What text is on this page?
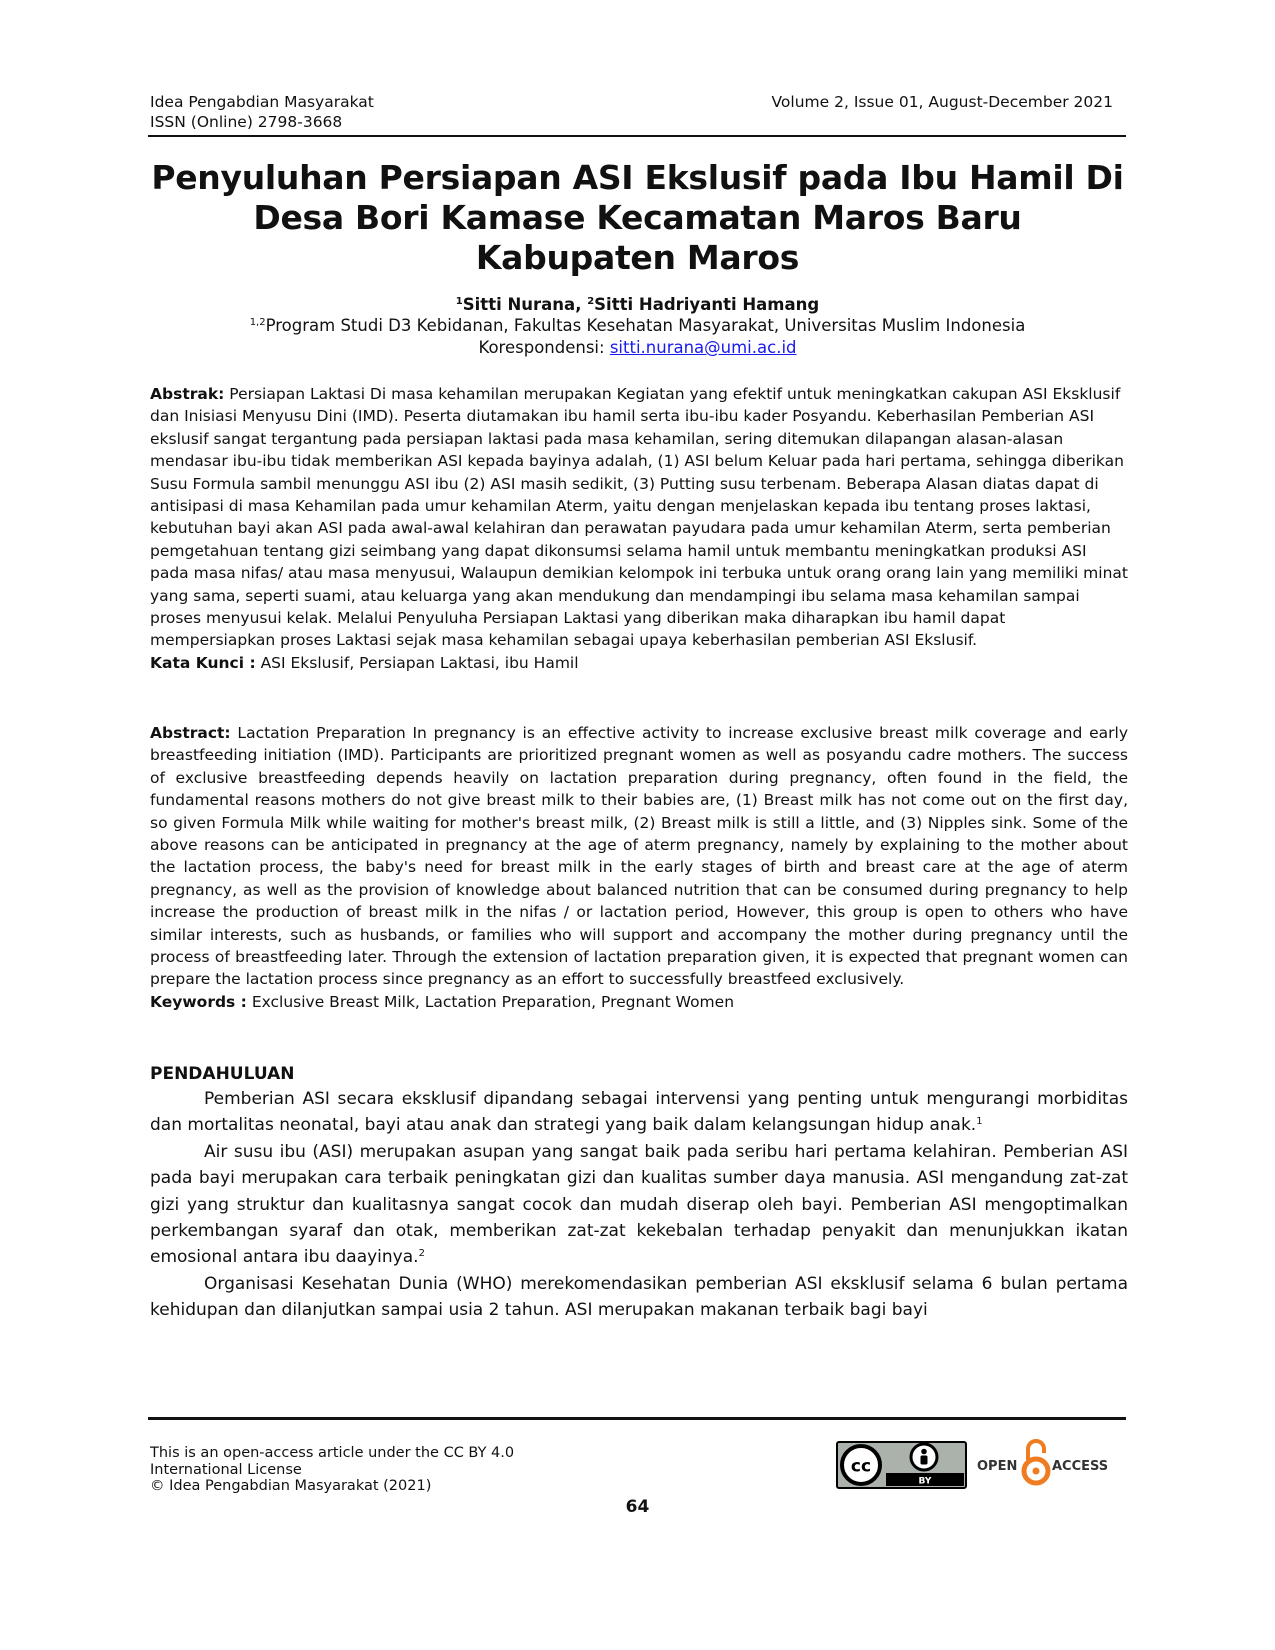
Idea Pengabdian Masyarakat
ISSN (Online) 2798-3668
Volume 2, Issue 01, August-December 2021
Penyuluhan Persiapan ASI Ekslusif pada Ibu Hamil Di Desa Bori Kamase Kecamatan Maros Baru Kabupaten Maros
$^1$Sitti Nurana, $^2$Sitti Hadriyanti Hamang
$^{1,2}$Program Studi D3 Kebidanan, Fakultas Kesehatan Masyarakat, Universitas Muslim Indonesia
Korespondensi: sitti.nurana@umi.ac.id
Abstrak: Persiapan Laktasi Di masa kehamilan merupakan Kegiatan yang efektif untuk meningkatkan cakupan ASI Eksklusif dan Inisiasi Menyusu Dini (IMD). Peserta diutamakan ibu hamil serta ibu-ibu kader Posyandu. Keberhasilan Pemberian ASI ekslusif sangat tergantung pada persiapan laktasi pada masa kehamilan, sering ditemukan dilapangan alasan-alasan mendasar ibu-ibu tidak memberikan ASI kepada bayinya adalah, (1) ASI belum Keluar pada hari pertama, sehingga diberikan Susu Formula sambil menunggu ASI ibu (2) ASI masih sedikit, (3) Putting susu terbenam. Beberapa Alasan diatas dapat di antisipasi di masa Kehamilan pada umur kehamilan Aterm, yaitu dengan menjelaskan kepada ibu tentang proses laktasi, kebutuhan bayi akan ASI pada awal-awal kelahiran dan perawatan payudara pada umur kehamilan Aterm, serta pemberian pemgetahuan tentang gizi seimbang yang dapat dikonsumsi selama hamil untuk membantu meningkatkan produksi ASI pada masa nifas/ atau masa menyusui, Walaupun demikian kelompok ini terbuka untuk orang orang lain yang memiliki minat yang sama, seperti suami, atau keluarga yang akan mendukung dan mendampingi ibu selama masa kehamilan sampai proses menyusui kelak. Melalui Penyuluha Persiapan Laktasi yang diberikan maka diharapkan ibu hamil dapat mempersiapkan proses Laktasi sejak masa kehamilan sebagai upaya keberhasilan pemberian ASI Ekslusif.
Kata Kunci : ASI Ekslusif, Persiapan Laktasi, ibu Hamil
Abstract: Lactation Preparation In pregnancy is an effective activity to increase exclusive breast milk coverage and early breastfeeding initiation (IMD). Participants are prioritized pregnant women as well as posyandu cadre mothers. The success of exclusive breastfeeding depends heavily on lactation preparation during pregnancy, often found in the field, the fundamental reasons mothers do not give breast milk to their babies are, (1) Breast milk has not come out on the first day, so given Formula Milk while waiting for mother's breast milk, (2) Breast milk is still a little, and (3) Nipples sink. Some of the above reasons can be anticipated in pregnancy at the age of aterm pregnancy, namely by explaining to the mother about the lactation process, the baby's need for breast milk in the early stages of birth and breast care at the age of aterm pregnancy, as well as the provision of knowledge about balanced nutrition that can be consumed during pregnancy to help increase the production of breast milk in the nifas / or lactation period, However, this group is open to others who have similar interests, such as husbands, or families who will support and accompany the mother during pregnancy until the process of breastfeeding later. Through the extension of lactation preparation given, it is expected that pregnant women can prepare the lactation process since pregnancy as an effort to successfully breastfeed exclusively.
Keywords : Exclusive Breast Milk, Lactation Preparation, Pregnant Women
PENDAHULUAN

Pemberian ASI secara eksklusif dipandang sebagai intervensi yang penting untuk mengurangi morbiditas dan mortalitas neonatal, bayi atau anak dan strategi yang baik dalam kelangsungan hidup anak.$^1$

Air susu ibu (ASI) merupakan asupan yang sangat baik pada seribu hari pertama kelahiran. Pemberian ASI pada bayi merupakan cara terbaik peningkatan gizi dan kualitas sumber daya manusia. ASI mengandung zat-zat gizi yang struktur dan kualitasnya sangat cocok dan mudah diserap oleh bayi. Pemberian ASI mengoptimalkan perkembangan syaraf dan otak, memberikan zat-zat kekebalan terhadap penyakit dan menunjukkan ikatan emosional antara ibu daayinya.$^2$

Organisasi Kesehatan Dunia (WHO) merekomendasikan pemberian ASI eksklusif selama 6 bulan pertama kehidupan dan dilanjutkan sampai usia 2 tahun. ASI merupakan makanan terbaik bagi bayi

This is an open-access article under the CC BY 4.0
International License
© Idea Pengabdian Masyarakat (2021)
64
cc
BY
OPEN	ACCESS
